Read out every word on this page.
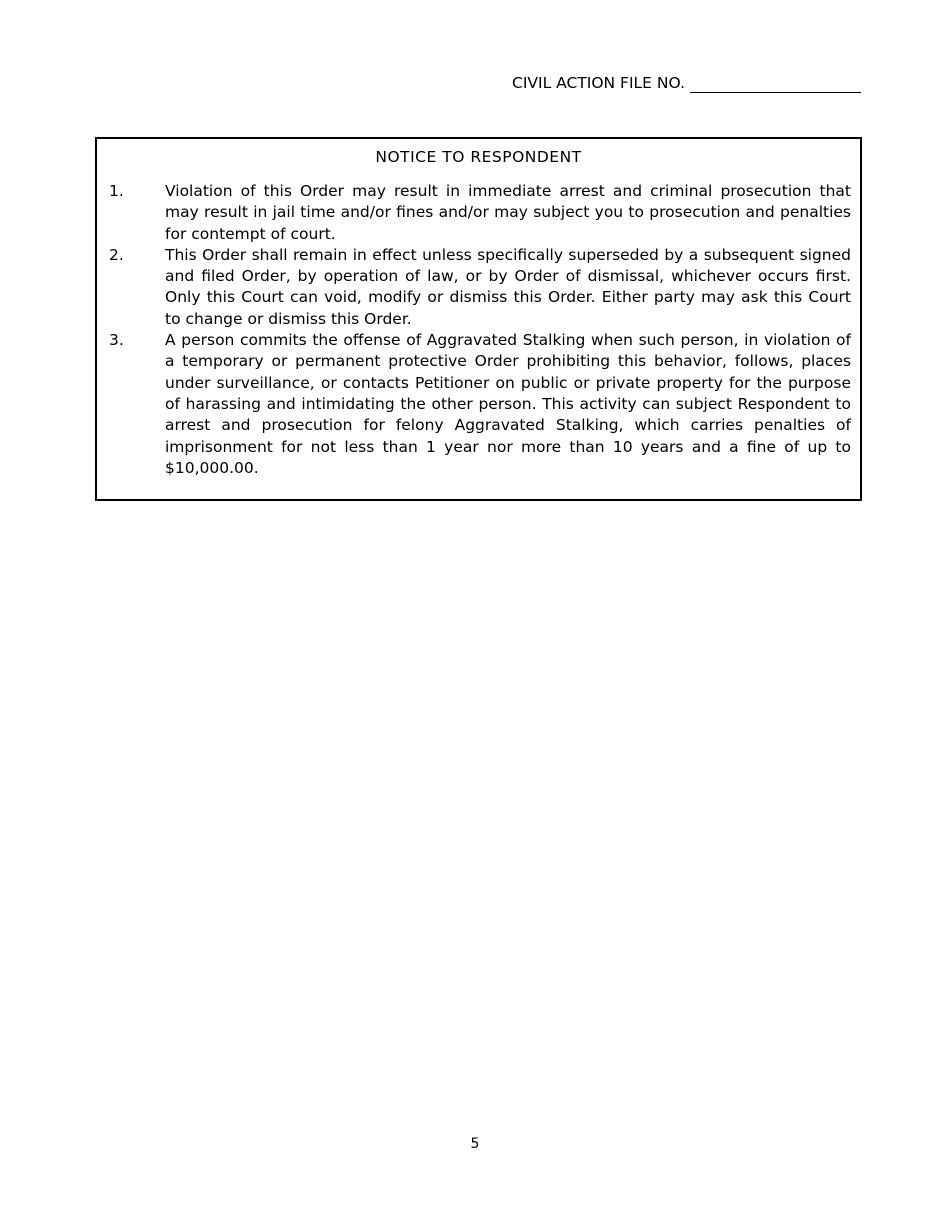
CIVIL ACTION FILE NO.
NOTICE TO RESPONDENT
1.	Violation of this Order may result in immediate arrest and criminal prosecution that may result in jail time and/or fines and/or may subject you to prosecution and penalties for contempt of court.
2.	This Order shall remain in effect unless specifically superseded by a subsequent signed and filed Order, by operation of law, or by Order of dismissal, whichever occurs first. Only this Court can void, modify or dismiss this Order. Either party may ask this Court to change or dismiss this Order.
3.	A person commits the offense of Aggravated Stalking when such person, in violation of a temporary or permanent protective Order prohibiting this behavior, follows, places under surveillance, or contacts Petitioner on public or private property for the purpose of harassing and intimidating the other person. This activity can subject Respondent to arrest and prosecution for felony Aggravated Stalking, which carries penalties of imprisonment for not less than 1 year nor more than 10 years and a fine of up to $10,000.00.
5
